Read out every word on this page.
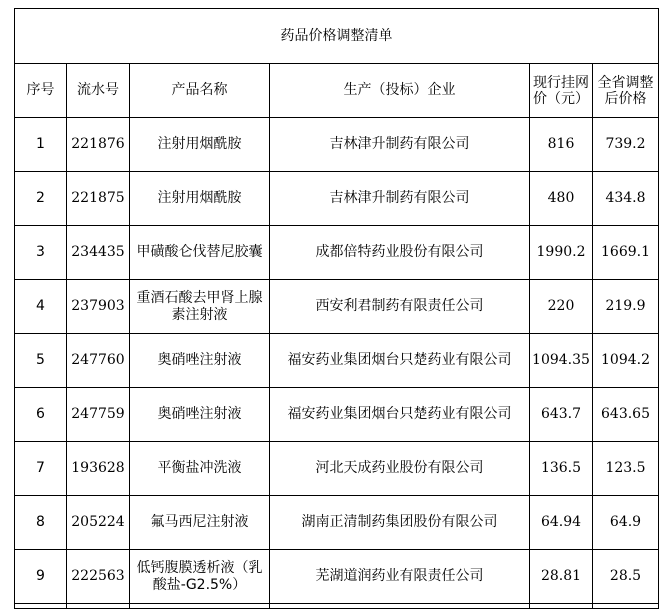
药品价格调整清单					
序号	流水号	产品名称	生产（投标）企业	现行挂网价（元）	全省调整后价格
1	221876	注射用烟酰胺	吉林津升制药有限公司	816	739.2
2	221875	注射用烟酰胺	吉林津升制药有限公司	480	434.8
3	234435	甲磺酸仑伐替尼胶囊	成都倍特药业股份有限公司	1990.2	1669.1
4	237903	重酒石酸去甲肾上腺素注射液	西安利君制药有限责任公司	220	219.9
5	247760	奥硝唑注射液	福安药业集团烟台只楚药业有限公司	1094.35	1094.2
6	247759	奥硝唑注射液	福安药业集团烟台只楚药业有限公司	643.7	643.65
7	193628	平衡盐冲洗液	河北天成药业股份有限公司	136.5	123.5
8	205224	氟马西尼注射液	湖南正清制药集团股份有限公司	64.94	64.9
9	222563	低钙腹膜透析液（乳酸盐-G2.5%）	芜湖道润药业有限责任公司	28.81	28.5
